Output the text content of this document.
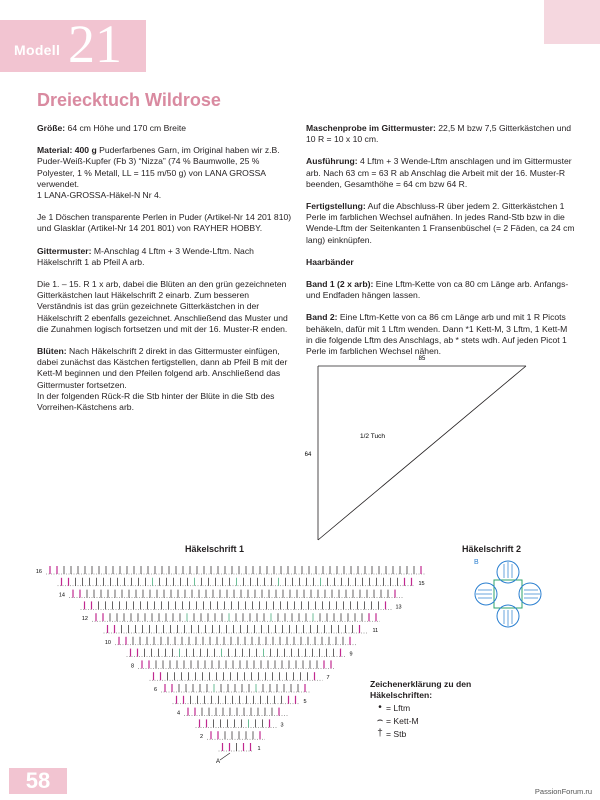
Modell 21
Dreiecktuch Wildrose

Größe: 64 cm Höhe und 170 cm Breite

Material: 400 g Puderfarbenes Garn, im Original haben wir z.B. Puder-Weiß-Kupfer (Fb 3) “Nizza” (74 % Baumwolle, 25 % Polyester, 1 % Metall, LL = 115 m/50 g) von LANA GROSSA verwendet.
1 LANA-GROSSA-Häkel-N Nr 4.

Je 1 Döschen transparente Perlen in Puder (Artikel-Nr 14 201 810) und Glasklar (Artikel-Nr 14 201 801) von RAYHER HOBBY.

Gittermuster: M-Anschlag 4 Lftm + 3 Wende-Lftm. Nach Häkelschrift 1 ab Pfeil A arb.

Die 1. – 15. R 1 x arb, dabei die Blüten an den grün gezeichneten Gitterkästchen laut Häkelschrift 2 einarb. Zum besseren Verständnis ist das grün gezeichnete Gitterkästchen in der Häkelschrift 2 ebenfalls gezeichnet. Anschließend das Muster und die Zunahmen logisch fortsetzen und mit der 16. Muster-R enden.

Blüten: Nach Häkelschrift 2 direkt in das Gittermuster einfügen, dabei zunächst das Kästchen fertigstellen, dann ab Pfeil B mit der Kett-M beginnen und den Pfeilen folgend arb. Anschließend das Gittermuster fortsetzen.
In der folgenden Rück-R die Stb hinter der Blüte in die Stb des Vorreihen-Kästchens arb.

Maschenprobe im Gittermuster: 22,5 M bzw 7,5 Gitterkästchen und 10 R = 10 x 10 cm.

Ausführung: 4 Lftm + 3 Wende-Lftm anschlagen und im Gittermuster arb. Nach 63 cm = 63 R ab Anschlag die Arbeit mit der 16. Muster-R beenden, Gesamthöhe = 64 cm bzw 64 R.

Fertigstellung: Auf die Abschluss-R über jedem 2. Gitterkästchen 1 Perle im farblichen Wechsel aufnähen. In jedes Rand-Stb bzw in die Wende-Lftm der Seitenkanten 1 Fransenbüschel (= 2 Fäden, ca 24 cm lang) einknüpfen.

Haarbänder

Band 1 (2 x arb): Eine Lftm-Kette von ca 80 cm Länge arb. Anfangs- und Endfaden hängen lassen.

Band 2: Eine Lftm-Kette von ca 86 cm Länge arb und mit 1 R Picots behäkeln, dafür mit 1 Lftm wenden. Dann *1 Kett-M, 3 Lftm, 1 Kett-M in die folgende Lftm des Anschlags, ab * stets wdh. Auf jeden Picot 1 Perle im farblichen Wechsel nähen.

85
64
1/2 Tuch
Häkelschrift 1	Häkelschrift 2
16
15
14
13
12
11
10
9
8
7
6
5
4
3
2
1
A
B
Zeichenerklärung zu den Häkelschriften:
• = Lftm
⌢ = Kett-M
† = Stb
58	PassionForum.ru
